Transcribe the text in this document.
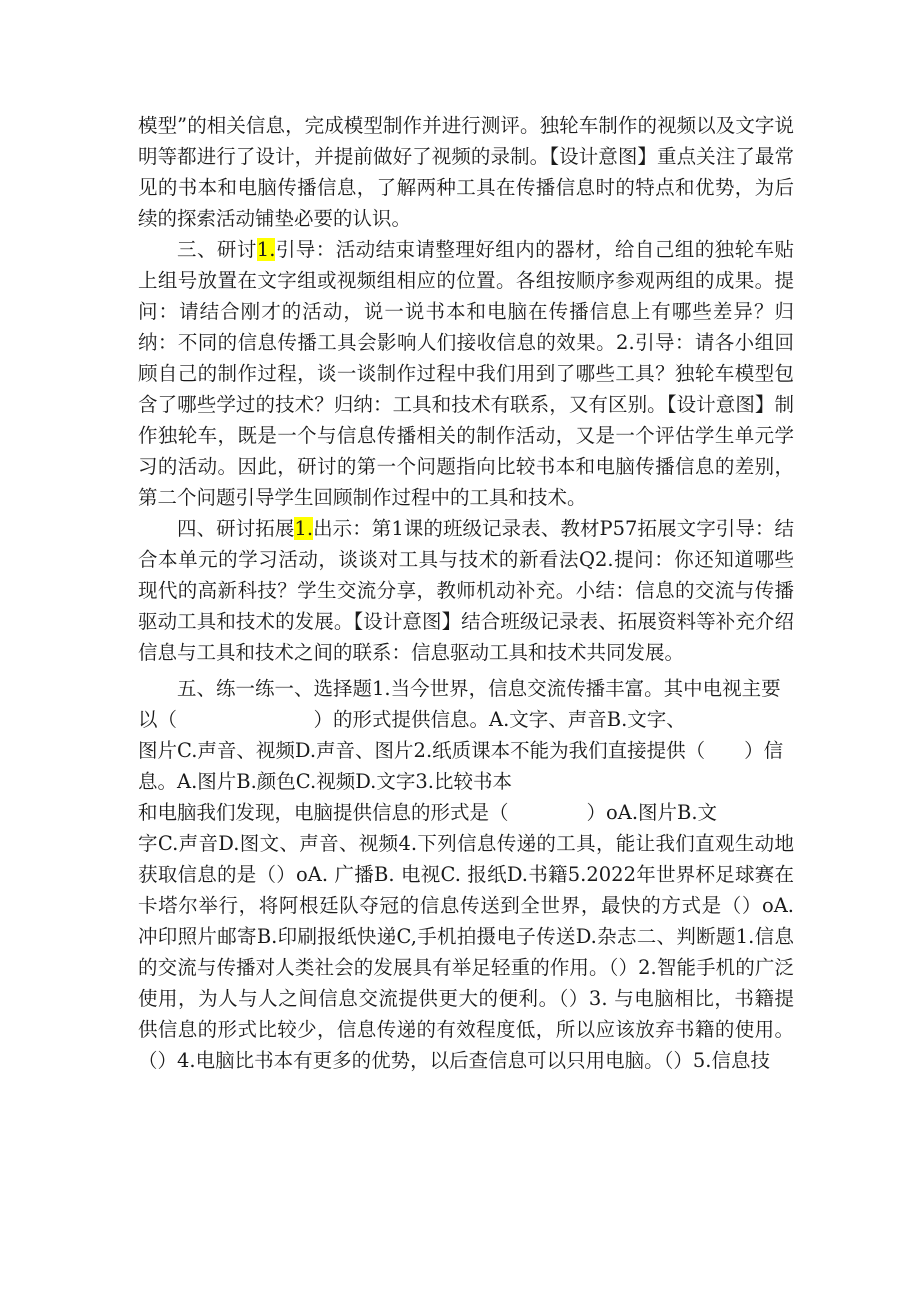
模型”的相关信息，完成模型制作并进行测评。独轮车制作的视频以及文字说明等都进行了设计，并提前做好了视频的录制。【设计意图】重点关注了最常见的书本和电脑传播信息，了解两种工具在传播信息时的特点和优势，为后续的探索活动铺垫必要的认识。

三、研讨1.引导：活动结束请整理好组内的器材，给自己组的独轮车贴上组号放置在文字组或视频组相应的位置。各组按顺序参观两组的成果。提问：请结合刚才的活动，说一说书本和电脑在传播信息上有哪些差异？归纳：不同的信息传播工具会影响人们接收信息的效果。2.引导：请各小组回顾自己的制作过程，谈一谈制作过程中我们用到了哪些工具？独轮车模型包含了哪些学过的技术？归纳：工具和技术有联系，又有区别。【设计意图】制作独轮车，既是一个与信息传播相关的制作活动，又是一个评估学生单元学习的活动。因此，研讨的第一个问题指向比较书本和电脑传播信息的差别，第二个问题引导学生回顾制作过程中的工具和技术。

四、研讨拓展1.出示：第1课的班级记录表、教材P57拓展文字引导：结合本单元的学习活动，谈谈对工具与技术的新看法Q2.提问：你还知道哪些现代的高新科技？学生交流分享，教师机动补充。小结：信息的交流与传播驱动工具和技术的发展。【设计意图】结合班级记录表、拓展资料等补充介绍信息与工具和技术之间的联系：信息驱动工具和技术共同发展。

五、练一练一、选择题1.当今世界，信息交流传播丰富。其中电视主要
以（　　　　　　　）的形式提供信息。A.文字、声音B.文字、
图片C.声音、视频D.声音、图片2.纸质课本不能为我们直接提供（　　）信
息。A.图片B.颜色C.视频D.文字3.比较书本
和电脑我们发现，电脑提供信息的形式是（　　　　）oA.图片B.文

字C.声音D.图文、声音、视频4.下列信息传递的工具，能让我们直观生动地获取信息的是（）oA. 广播B. 电视C. 报纸D.书籍5.2022年世界杯足球赛在卡塔尔举行，将阿根廷队夺冠的信息传送到全世界，最快的方式是（）oA.冲印照片邮寄B.印刷报纸快递C,手机拍摄电子传送D.杂志二、判断题1.信息的交流与传播对人类社会的发展具有举足轻重的作用。（）2.智能手机的广泛使用，为人与人之间信息交流提供更大的便利。（）3. 与电脑相比，书籍提供信息的形式比较少，信息传递的有效程度低，所以应该放弃书籍的使用。（）4.电脑比书本有更多的优势，以后查信息可以只用电脑。（）5.信息技
